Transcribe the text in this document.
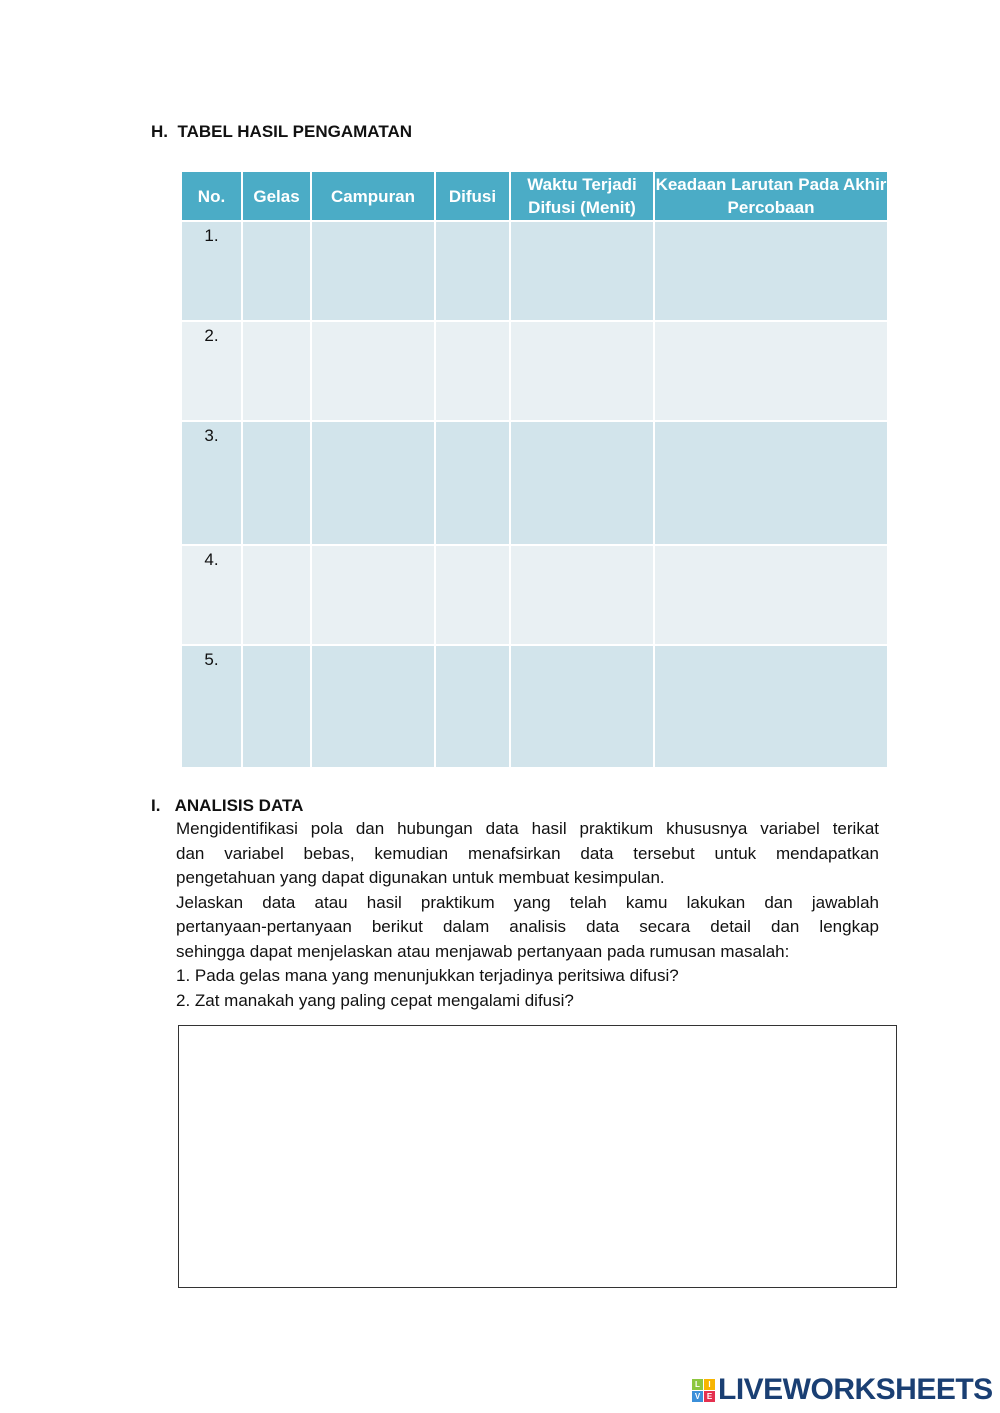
H. TABEL HASIL PENGAMATAN
No.	Gelas	Campuran	Difusi	Waktu Terjadi Difusi (Menit)	Keadaan Larutan Pada Akhir Percobaan
1.					
2.					
3.					
4.					
5.					
I. ANALISIS DATA
Mengidentifikasi pola dan hubungan data hasil praktikum khususnya variabel terikat
dan variabel bebas, kemudian menafsirkan data tersebut untuk mendapatkan
pengetahuan yang dapat digunakan untuk membuat kesimpulan.
Jelaskan data atau hasil praktikum yang telah kamu lakukan dan jawablah
pertanyaan-pertanyaan berikut dalam analisis data secara detail dan lengkap
sehingga dapat menjelaskan atau menjawab pertanyaan pada rumusan masalah:
1. Pada gelas mana yang menunjukkan terjadinya peritsiwa difusi?
2. Zat manakah yang paling cepat mengalami difusi?
L	I
V E LIVEWORKSHEETS
